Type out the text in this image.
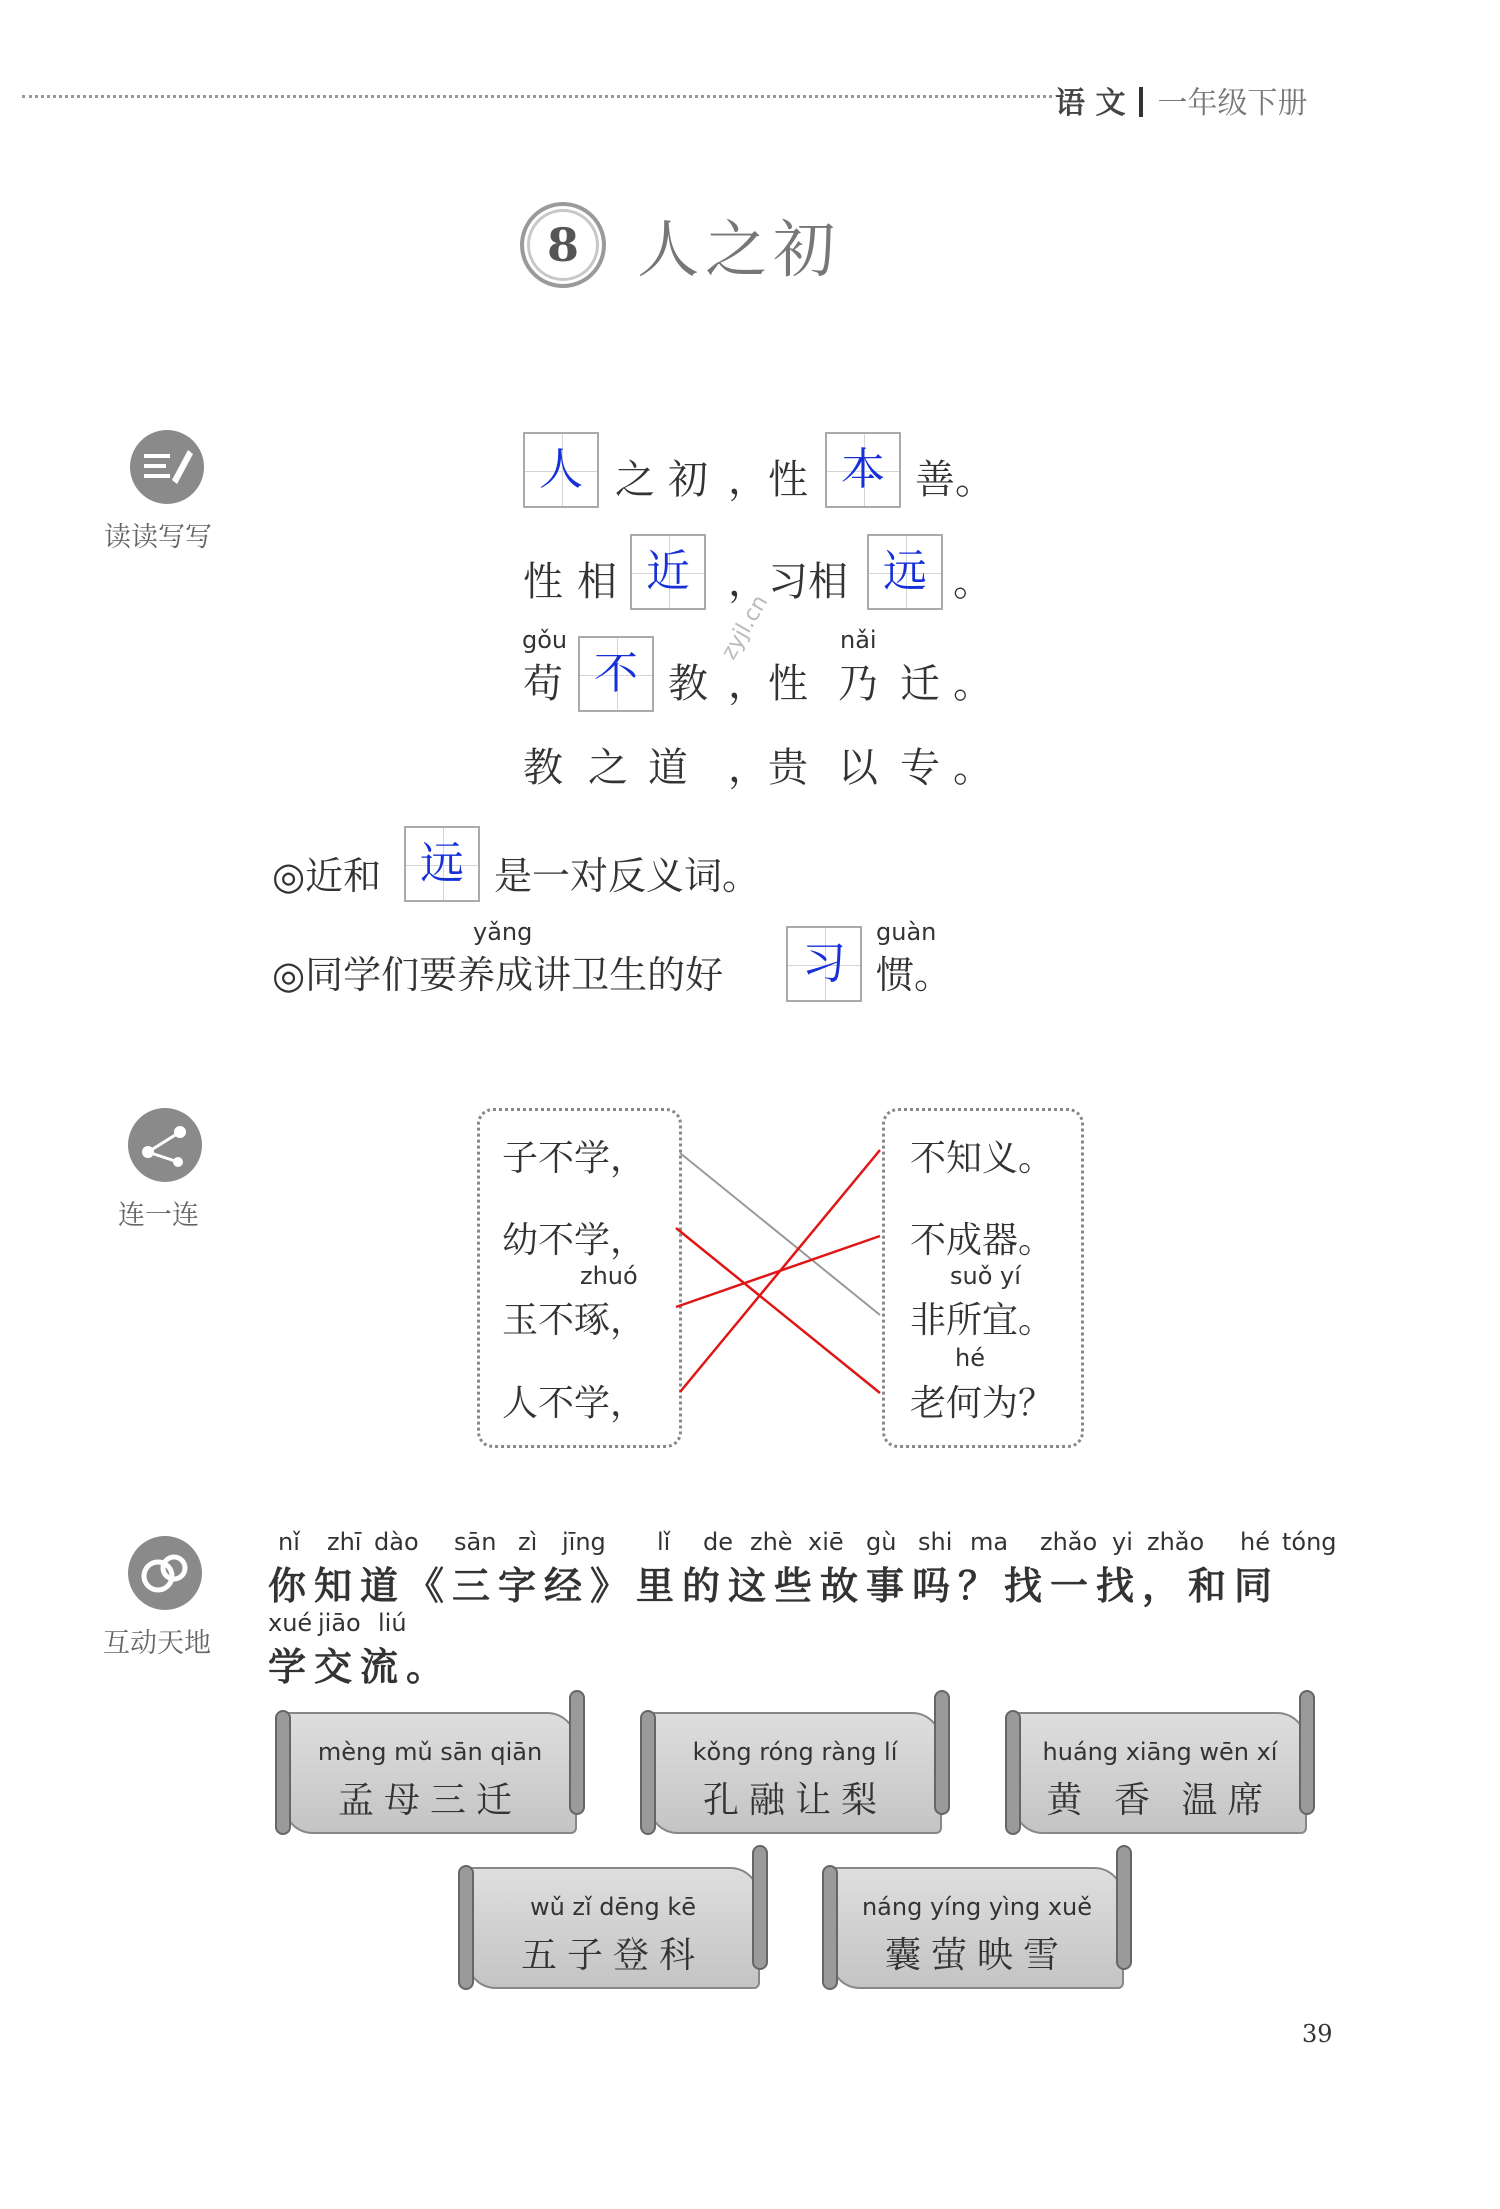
语 文 一年级下册
8 人之初
读读写写
人 之 初 ，性 本 善。
性 相 近 ，习相 远 。
gǒu
苟 不 教 ，性
nǎi
乃 迁 。
教 之 道 ，贵 以 专 。
zyjl.cn
◎近和 远 是一对反义词。
yǎng
◎同学们要养成讲卫生的好	习
guàn
惯。
连一连
子不学，
幼不学，
zhuó
玉不琢，
人不学，
不知义。
不成器。
suǒ yí
非所宜。
hé
老何为？
互动天地
nǐ zhī dào sān zì jīng lǐ de zhè xiē gù shi ma zhǎo yi zhǎo hé tóng
你知道《三字经》里的这些故事吗？找一找，和同
xué jiāo liú
学交流。
mèng mǔ sān qiān
孟母三迁
kǒng róng ràng lí
孔融让梨
huáng xiāng wēn xí
黄 香 温席
wǔ zǐ dēng kē
五子登科
náng yíng yìng xuě
囊萤映雪
39
